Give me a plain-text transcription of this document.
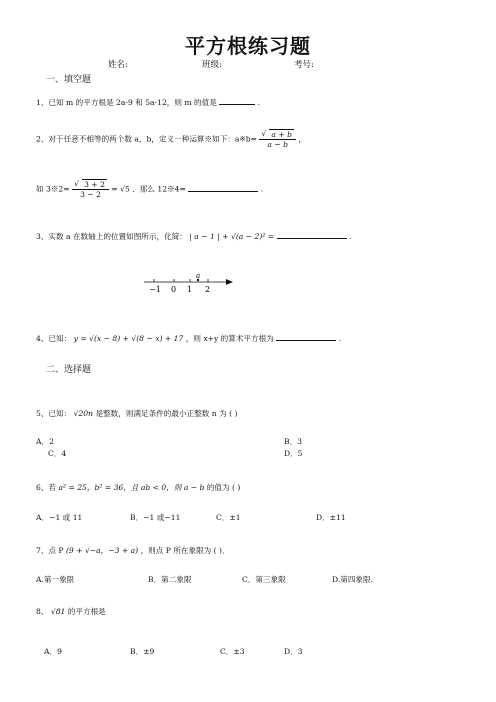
平方根练习题
姓名:	班级:	考号:
一、填空题
1、已知 m 的平方根是 2a-9 和 5a-12，则 m 的值是	.
2、对于任意不相等的两个数 a，b，定义一种运算※如下：a※b= √ $\frac{a + b}{a - b}$ ，
如 3※2= √ $\frac{3 + 2}{3 - 2} = √5$ ．那么 12※4=	.
3、实数 a 在数轴上的位置如图所示，化简： | a − 1 | + √(a − 2)² =	.
a
−1 0 1 2
4、已知： y = √(x − 8) + √(8 − x) + 17 ，则 x+y 的算术平方根为	.
二、选择题
5、已知： √20n 是整数，则满足条件的最小正整数 n 为 ( )
A．2	B．3
C．4	D．5
6、若 a² = 25，b² = 36，且 ab < 0，则 a − b 的值为 ( )
A．−1 或 11	B．−1 或−11	C．±1	D．±11
7、点 P (9 + √−a，−3 + a) ，则点 P 所在象限为 ( )．
A.第一象限	B．第二象限	C．第三象限	D.第四象限.
8、 √81 的平方根是
A．9	B．±9	C．±3	D．3
